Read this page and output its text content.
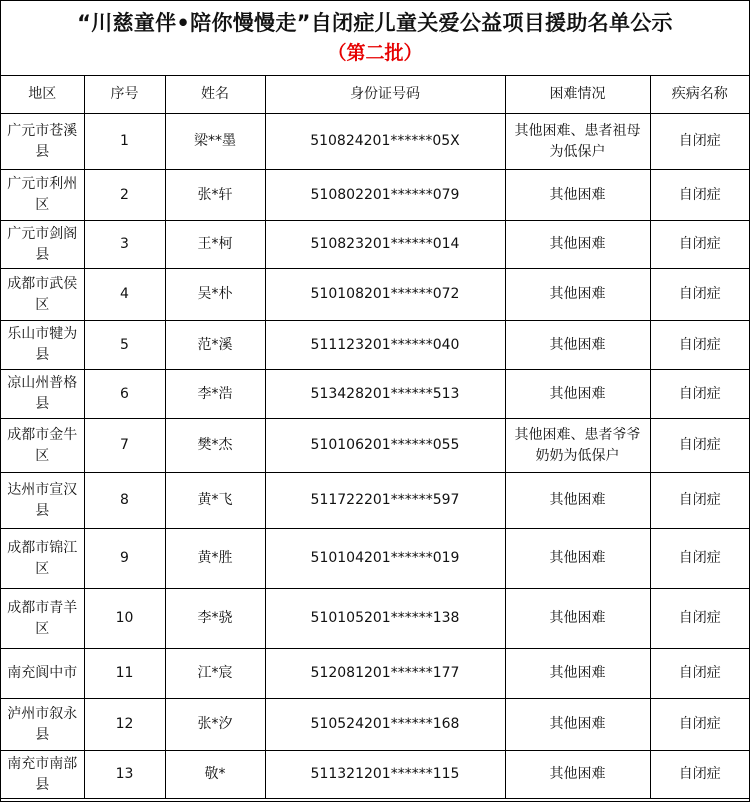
“川慈童伴•陪你慢慢走”自闭症儿童关爱公益项目援助名单公示
（第二批）
地区	序号	姓名	身份证号码	困难情况	疾病名称
广元市苍溪县	1	梁**墨	510824201******05X	其他困难、患者祖母为低保户	自闭症
广元市利州区	2	张*轩	510802201******079	其他困难	自闭症
广元市剑阁县	3	王*柯	510823201******014	其他困难	自闭症
成都市武侯区	4	吴*朴	510108201******072	其他困难	自闭症
乐山市犍为县	5	范*溪	511123201******040	其他困难	自闭症
凉山州普格县	6	李*浩	513428201******513	其他困难	自闭症
成都市金牛区	7	樊*杰	510106201******055	其他困难、患者爷爷奶奶为低保户	自闭症
达州市宣汉县	8	黄*飞	511722201******597	其他困难	自闭症
成都市锦江区	9	黄*胜	510104201******019	其他困难	自闭症
成都市青羊区	10	李*骁	510105201******138	其他困难	自闭症
南充阆中市	11	江*宸	512081201******177	其他困难	自闭症
泸州市叙永县	12	张*汐	510524201******168	其他困难	自闭症
南充市南部县	13	敬*	511321201******115	其他困难	自闭症
